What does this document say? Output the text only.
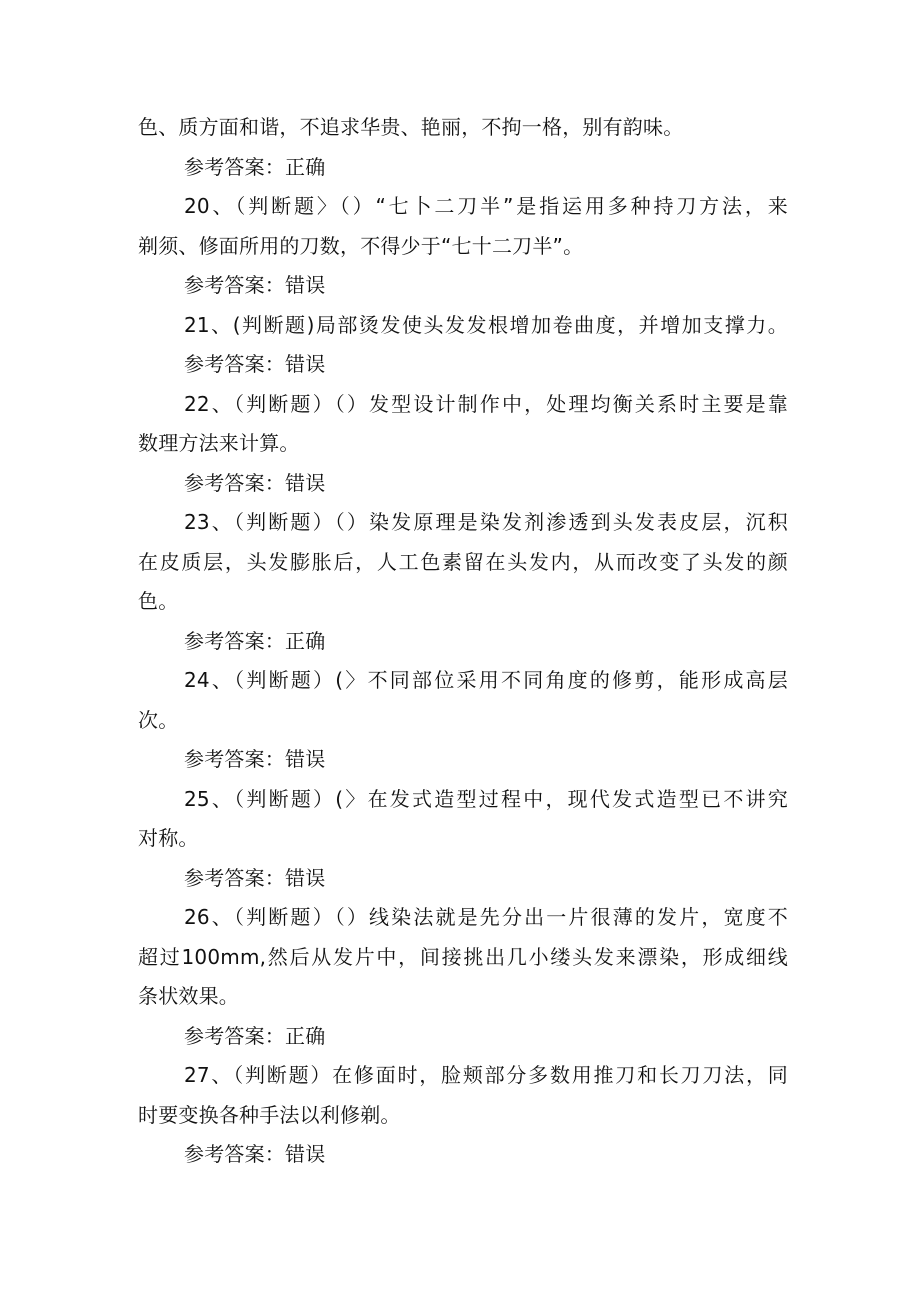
色、质方面和谐，不追求华贵、艳丽，不拘一格，别有韵味。
参考答案：正确
20、（判断题〉（）“七卜二刀半”是指运用多种持刀方法，来
剃须、修面所用的刀数，不得少于“七十二刀半”。
参考答案：错误
21、(判断题)局部烫发使头发发根增加卷曲度，并增加支撑力。
参考答案：错误
22、（判断题）（）发型设计制作中，处理均衡关系时主要是靠
数理方法来计算。
参考答案：错误
23、（判断题）（）染发原理是染发剂渗透到头发表皮层，沉积
在皮质层，头发膨胀后，人工色素留在头发内，从而改变了头发的颜
色。
参考答案：正确
24、（判断题）(〉不同部位采用不同角度的修剪，能形成高层
次。
参考答案：错误
25、（判断题）(〉在发式造型过程中，现代发式造型已不讲究
对称。
参考答案：错误
26、（判断题）（）线染法就是先分出一片很薄的发片，宽度不
超过100mm,然后从发片中，间接挑出几小缕头发来漂染，形成细线
条状效果。
参考答案：正确
27、（判断题）在修面时，脸颊部分多数用推刀和长刀刀法，同
时要变换各种手法以利修剃。
参考答案：错误
